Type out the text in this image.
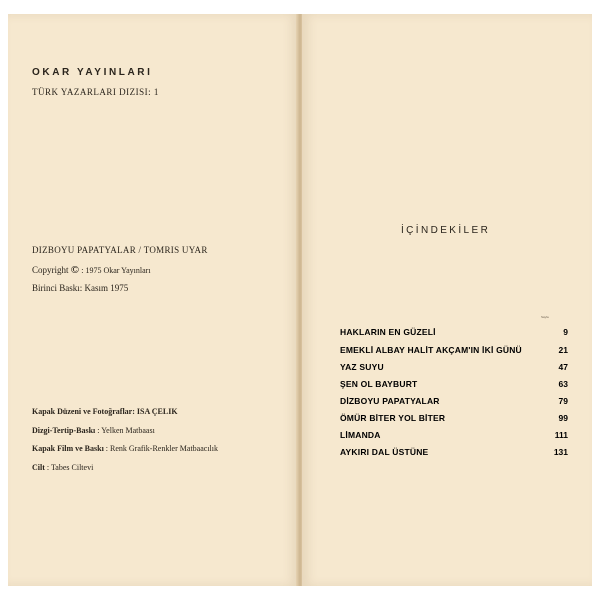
OKAR YAYINLARI
TÜRK YAZARLARI DIZISI: 1
DIZBOYU PAPATYALAR / TOMRIS UYAR
Copyright © : 1975 Okar Yayınları
Birinci Baskı: Kasım 1975
Kapak Düzeni ve Fotoğraflar: ISA ÇELIK
Dizgi-Tertip-Baskı : Yelken Matbaası
Kapak Film ve Baskı : Renk Grafik-Renkler Matbaacılık
Cilt : Tabes Ciltevi
İÇİNDEKİLER
Sayfa
HAKLARIN EN GÜZELİ	9
EMEKLİ ALBAY HALİT AKÇAM'IN İKİ GÜNÜ	21
YAZ SUYU	47
ŞEN OL BAYBURT	63
DİZBOYU PAPATYALAR	79
ÖMÜR BİTER YOL BİTER	99
LİMANDA	111
AYKIRI DAL ÜSTÜNE	131
